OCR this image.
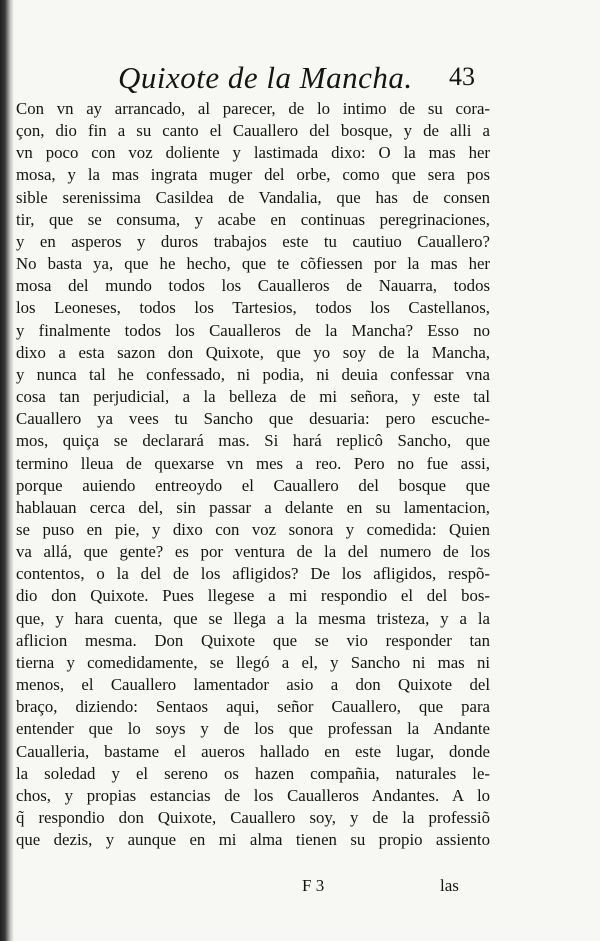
Quixote de la Mancha. 43
Con vn ay arrancado, al parecer, de lo intimo de su cora-
çon, dio fin a su canto el Cauallero del bosque, y de alli a
vn poco con voz doliente y lastimada dixo: O la mas her
mosa, y la mas ingrata muger del orbe, como que sera pos
sible serenissima Casildea de Vandalia, que has de consen
tir, que se consuma, y acabe en continuas peregrinaciones,
y en asperos y duros trabajos este tu cautiuo Cauallero?
No basta ya, que he hecho, que te cõfiessen por la mas her
mosa del mundo todos los Caualleros de Nauarra, todos
los Leoneses, todos los Tartesios, todos los Castellanos,
y finalmente todos los Caualleros de la Mancha? Esso no
dixo a esta sazon don Quixote, que yo soy de la Mancha,
y nunca tal he confessado, ni podia, ni deuia confessar vna
cosa tan perjudicial, a la belleza de mi señora, y este tal
Cauallero ya vees tu Sancho que desuaria: pero escuche-
mos, quiça se declarará mas. Si hará replicô Sancho, que
termino lleua de quexarse vn mes a reo. Pero no fue assi,
porque auiendo entreoydo el Cauallero del bosque que
hablauan cerca del, sin passar a delante en su lamentacion,
se puso en pie, y dixo con voz sonora y comedida: Quien
va allá, que gente? es por ventura de la del numero de los
contentos, o la del de los afligidos? De los afligidos, respõ-
dio don Quixote. Pues llegese a mi respondio el del bos-
que, y hara cuenta, que se llega a la mesma tristeza, y a la
aflicion mesma. Don Quixote que se vio responder tan
tierna y comedidamente, se llegó a el, y Sancho ni mas ni
menos, el Cauallero lamentador asio a don Quixote del
braço, diziendo: Sentaos aqui, señor Cauallero, que para
entender que lo soys y de los que professan la Andante
Caualleria, bastame el aueros hallado en este lugar, donde
la soledad y el sereno os hazen compañia, naturales le-
chos, y propias estancias de los Caualleros Andantes. A lo
q̃ respondio don Quixote, Cauallero soy, y de la professiõ
que dezis, y aunque en mi alma tienen su propio assiento
F 3	las
